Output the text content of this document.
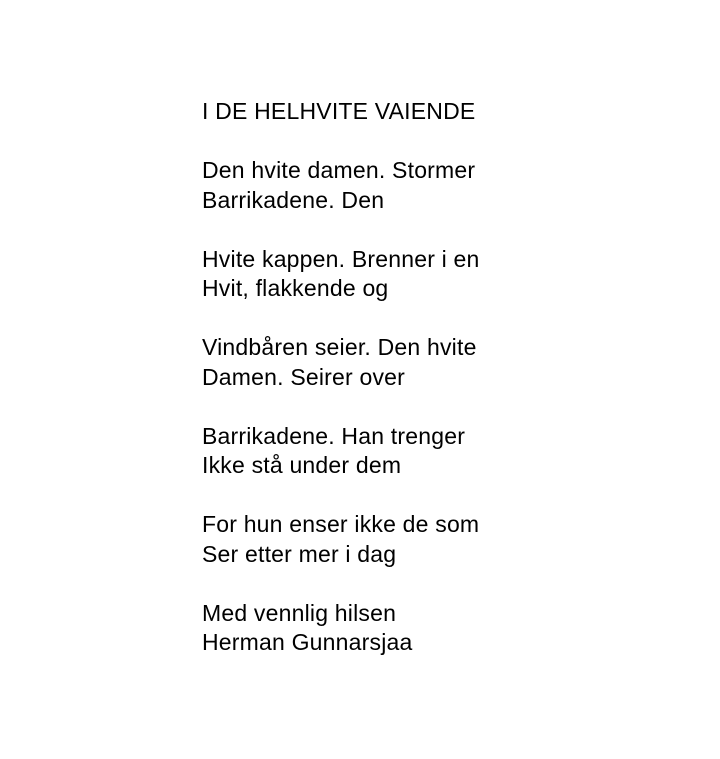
I DE HELHVITE VAIENDE
Den hvite damen. Stormer
Barrikadene. Den
Hvite kappen. Brenner i en
Hvit, flakkende og
Vindbåren seier. Den hvite
Damen. Seirer over
Barrikadene. Han trenger
Ikke stå under dem
For hun enser ikke de som
Ser etter mer i dag
Med vennlig hilsen
Herman Gunnarsjaa
